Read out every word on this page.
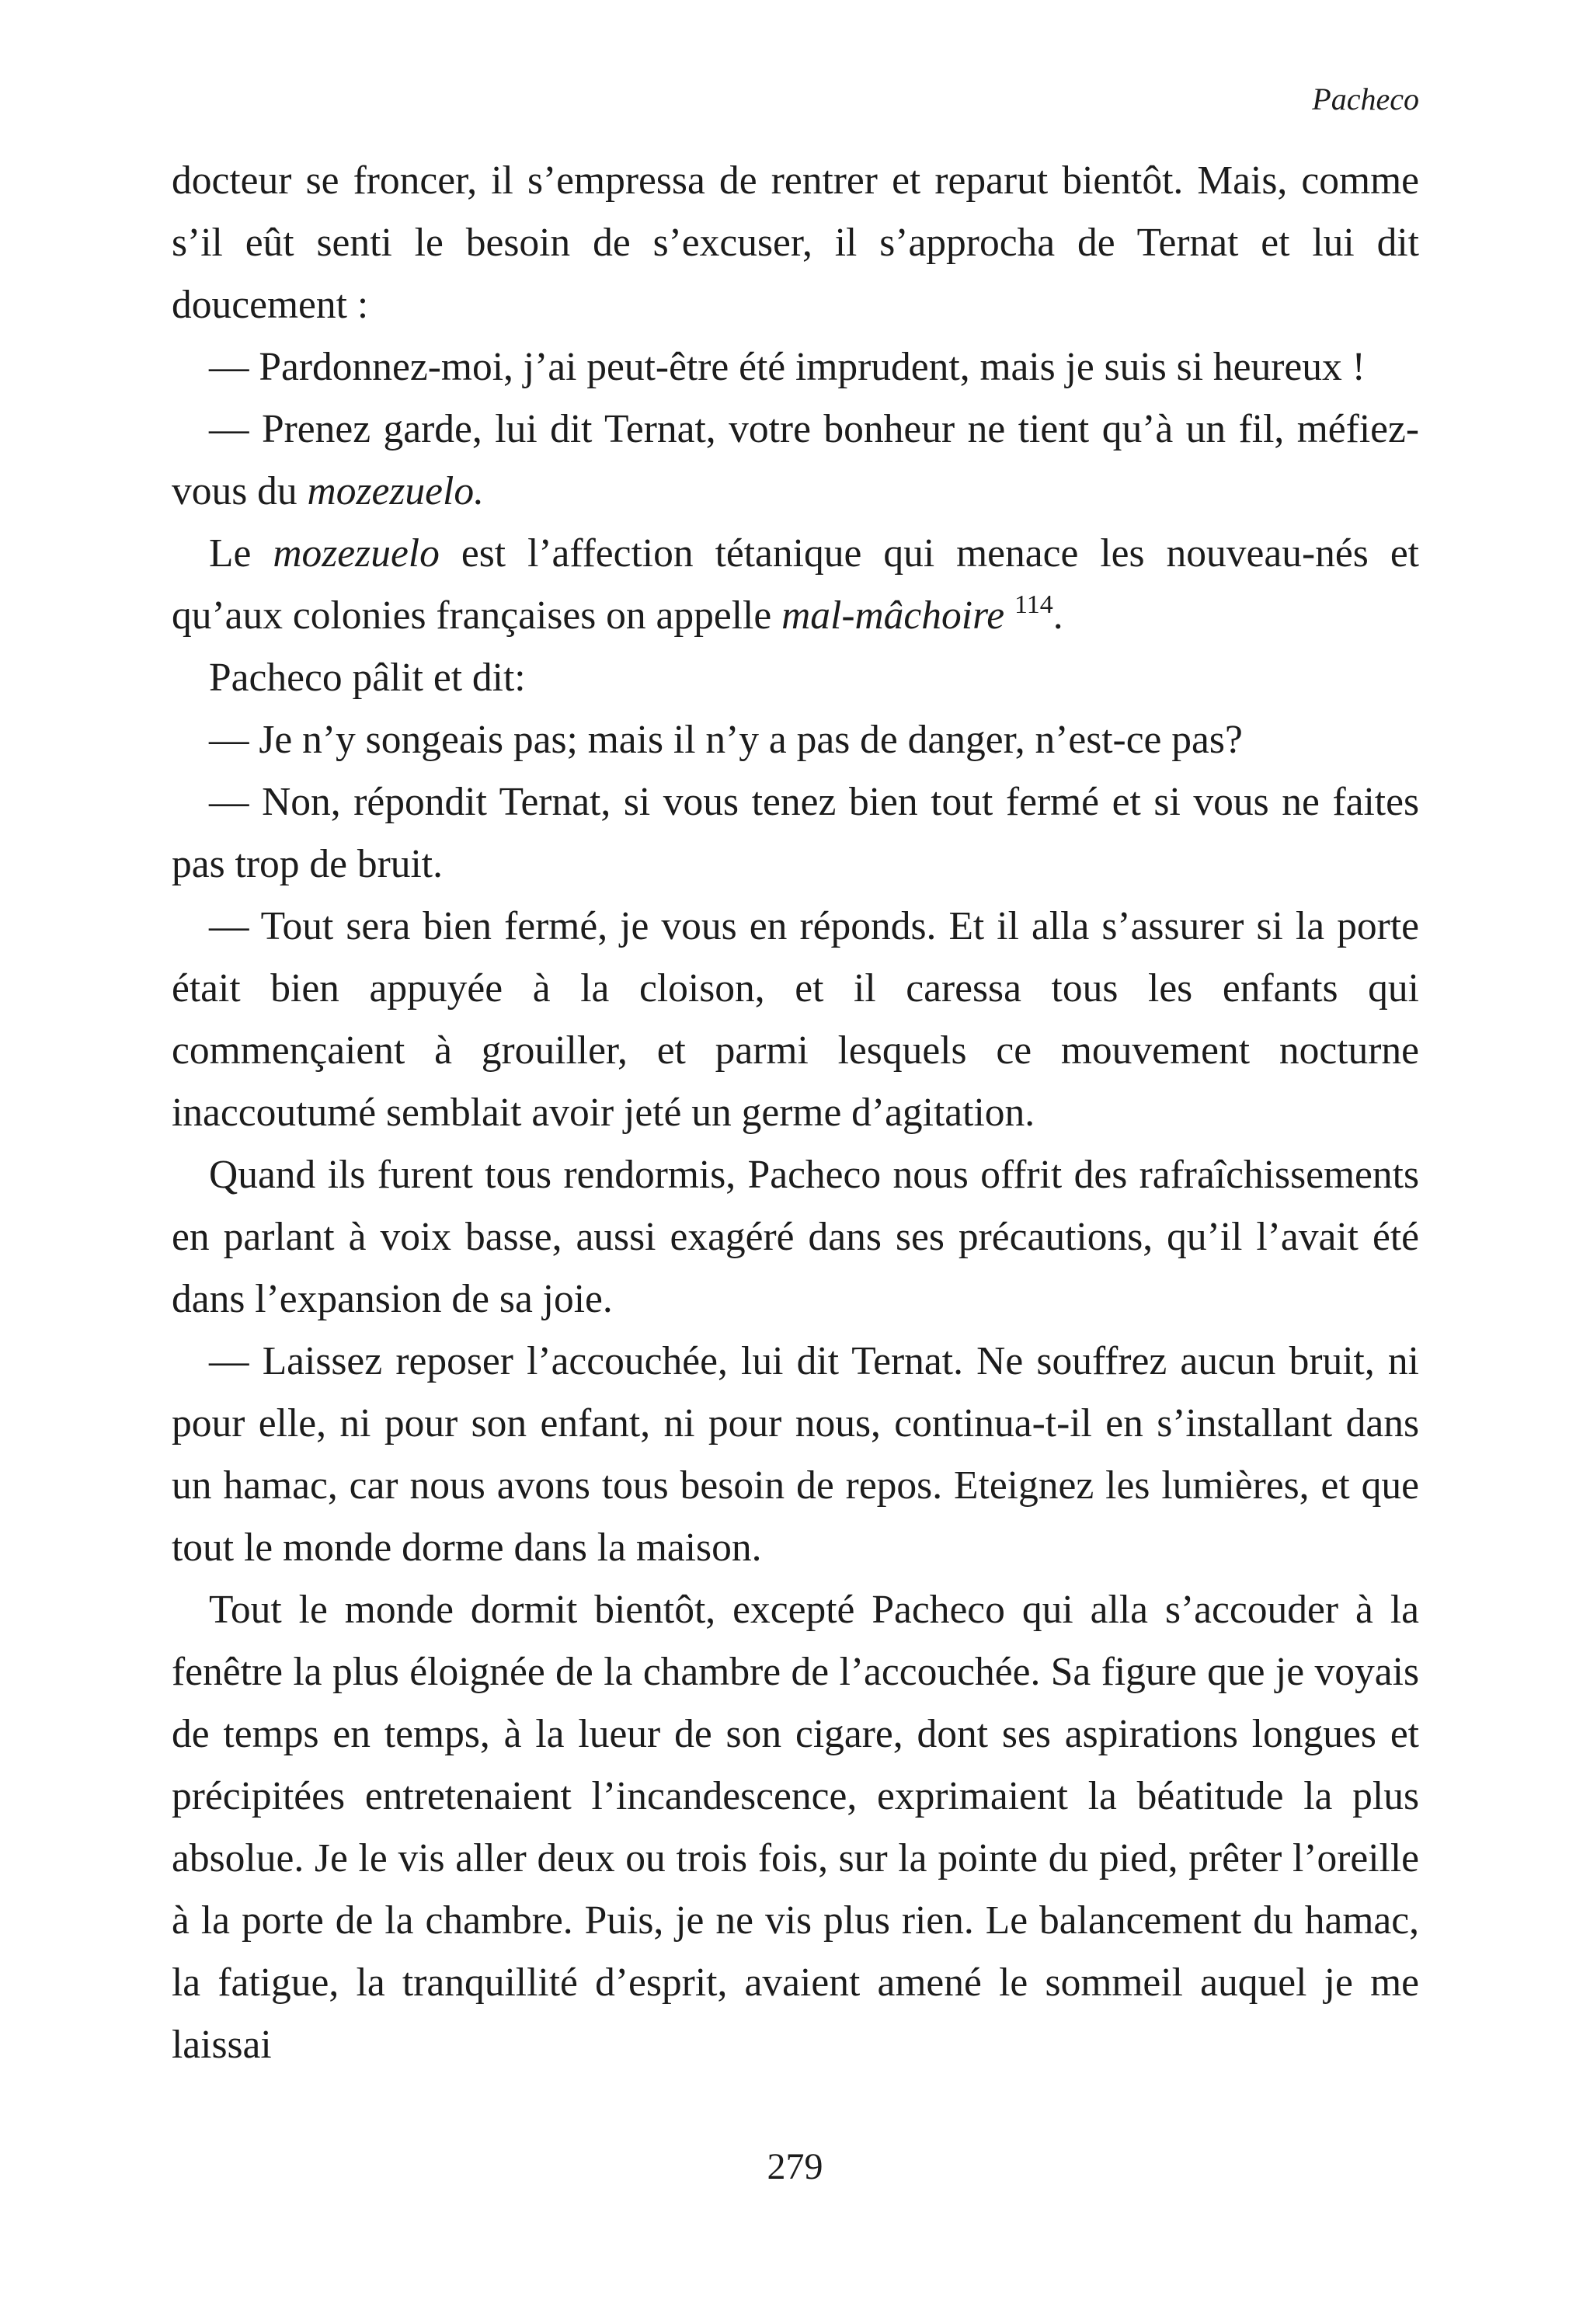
Pacheco

docteur se froncer, il s’empressa de rentrer et reparut bientôt. Mais, comme s’il eût senti le besoin de s’excuser, il s’approcha de Ternat et lui dit doucement :

— Pardonnez-moi, j’ai peut-être été imprudent, mais je suis si heureux !

— Prenez garde, lui dit Ternat, votre bonheur ne tient qu’à un fil, méfiez-vous du mozezuelo.

Le mozezuelo est l’affection tétanique qui menace les nouveau-nés et qu’aux colonies françaises on appelle mal-mâchoire $^{114}$.

Pacheco pâlit et dit:

— Je n’y songeais pas; mais il n’y a pas de danger, n’est-ce pas?

— Non, répondit Ternat, si vous tenez bien tout fermé et si vous ne faites pas trop de bruit.

— Tout sera bien fermé, je vous en réponds. Et il alla s’assurer si la porte était bien appuyée à la cloison, et il caressa tous les enfants qui commençaient à grouiller, et parmi lesquels ce mouvement nocturne inaccoutumé semblait avoir jeté un germe d’agitation.

Quand ils furent tous rendormis, Pacheco nous offrit des rafraîchissements en parlant à voix basse, aussi exagéré dans ses précautions, qu’il l’avait été dans l’expansion de sa joie.

— Laissez reposer l’accouchée, lui dit Ternat. Ne souffrez aucun bruit, ni pour elle, ni pour son enfant, ni pour nous, continua-t-il en s’installant dans un hamac, car nous avons tous besoin de repos. Eteignez les lumières, et que tout le monde dorme dans la maison.

Tout le monde dormit bientôt, excepté Pacheco qui alla s’accouder à la fenêtre la plus éloignée de la chambre de l’accouchée. Sa figure que je voyais de temps en temps, à la lueur de son cigare, dont ses aspirations longues et précipitées entretenaient l’incandescence, exprimaient la béatitude la plus absolue. Je le vis aller deux ou trois fois, sur la pointe du pied, prêter l’oreille à la porte de la chambre. Puis, je ne vis plus rien. Le balancement du hamac, la fatigue, la tranquillité d’esprit, avaient amené le sommeil auquel je me laissai

279
